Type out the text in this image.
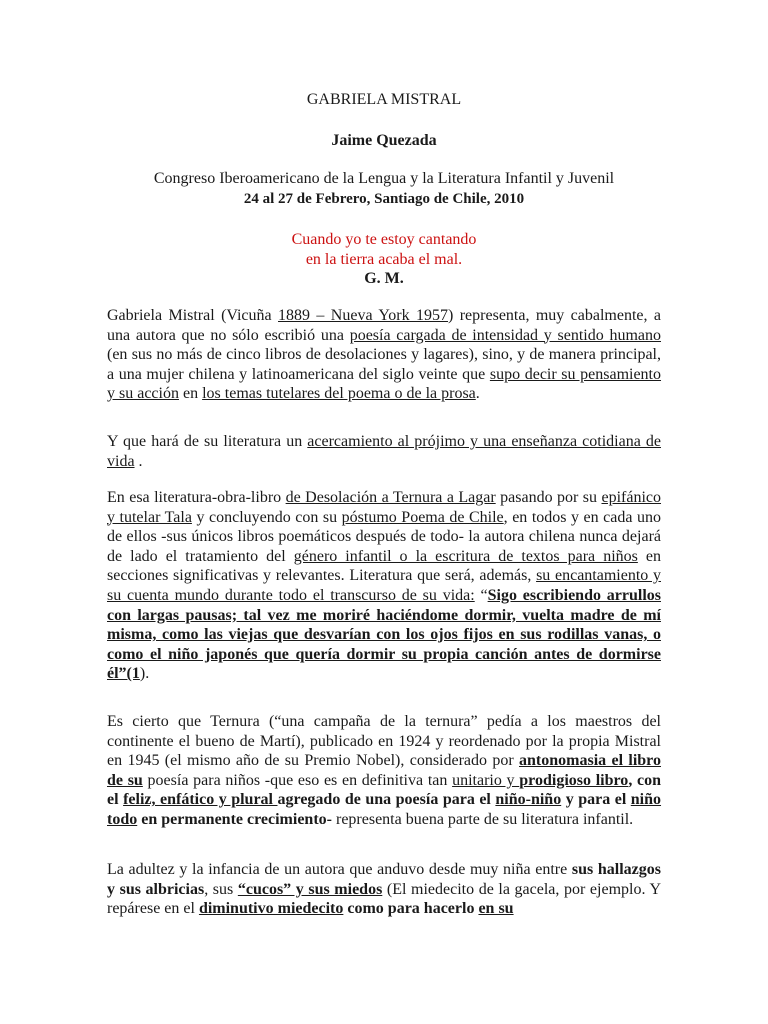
GABRIELA MISTRAL
Jaime Quezada
Congreso Iberoamericano de la Lengua y la Literatura Infantil y Juvenil
24 al 27 de Febrero, Santiago de Chile, 2010
Cuando yo te estoy cantando
en la tierra acaba el mal.
G. M.

Gabriela Mistral (Vicuña 1889 – Nueva York 1957) representa, muy cabalmente, a una autora que no sólo escribió una poesía cargada de intensidad y sentido humano (en sus no más de cinco libros de desolaciones y lagares), sino, y de manera principal, a una mujer chilena y latinoamericana del siglo veinte que supo decir su pensamiento y su acción en los temas tutelares del poema o de la prosa.

Y que hará de su literatura un acercamiento al prójimo y una enseñanza cotidiana de vida .

En esa literatura-obra-libro de Desolación a Ternura a Lagar pasando por su epifánico y tutelar Tala y concluyendo con su póstumo Poema de Chile, en todos y en cada uno de ellos -sus únicos libros poemáticos después de todo- la autora chilena nunca dejará de lado el tratamiento del género infantil o la escritura de textos para niños en secciones significativas y relevantes. Literatura que será, además, su encantamiento y su cuenta mundo durante todo el transcurso de su vida: “Sigo escribiendo arrullos con largas pausas; tal vez me moriré haciéndome dormir, vuelta madre de mí misma, como las viejas que desvarían con los ojos fijos en sus rodillas vanas, o como el niño japonés que quería dormir su propia canción antes de dormirse él”(1).

Es cierto que Ternura (“una campaña de la ternura” pedía a los maestros del continente el bueno de Martí), publicado en 1924 y reordenado por la propia Mistral en 1945 (el mismo año de su Premio Nobel), considerado por antonomasia el libro de su poesía para niños -que eso es en definitiva tan unitario y prodigioso libro, con el feliz, enfático y plural agregado de una poesía para el niño-niño y para el niño todo en permanente crecimiento- representa buena parte de su literatura infantil.

La adultez y la infancia de un autora que anduvo desde muy niña entre sus hallazgos y sus albricias, sus “cucos” y sus miedos (El miedecito de la gacela, por ejemplo. Y repárese en el diminutivo miedecito como para hacerlo en su
